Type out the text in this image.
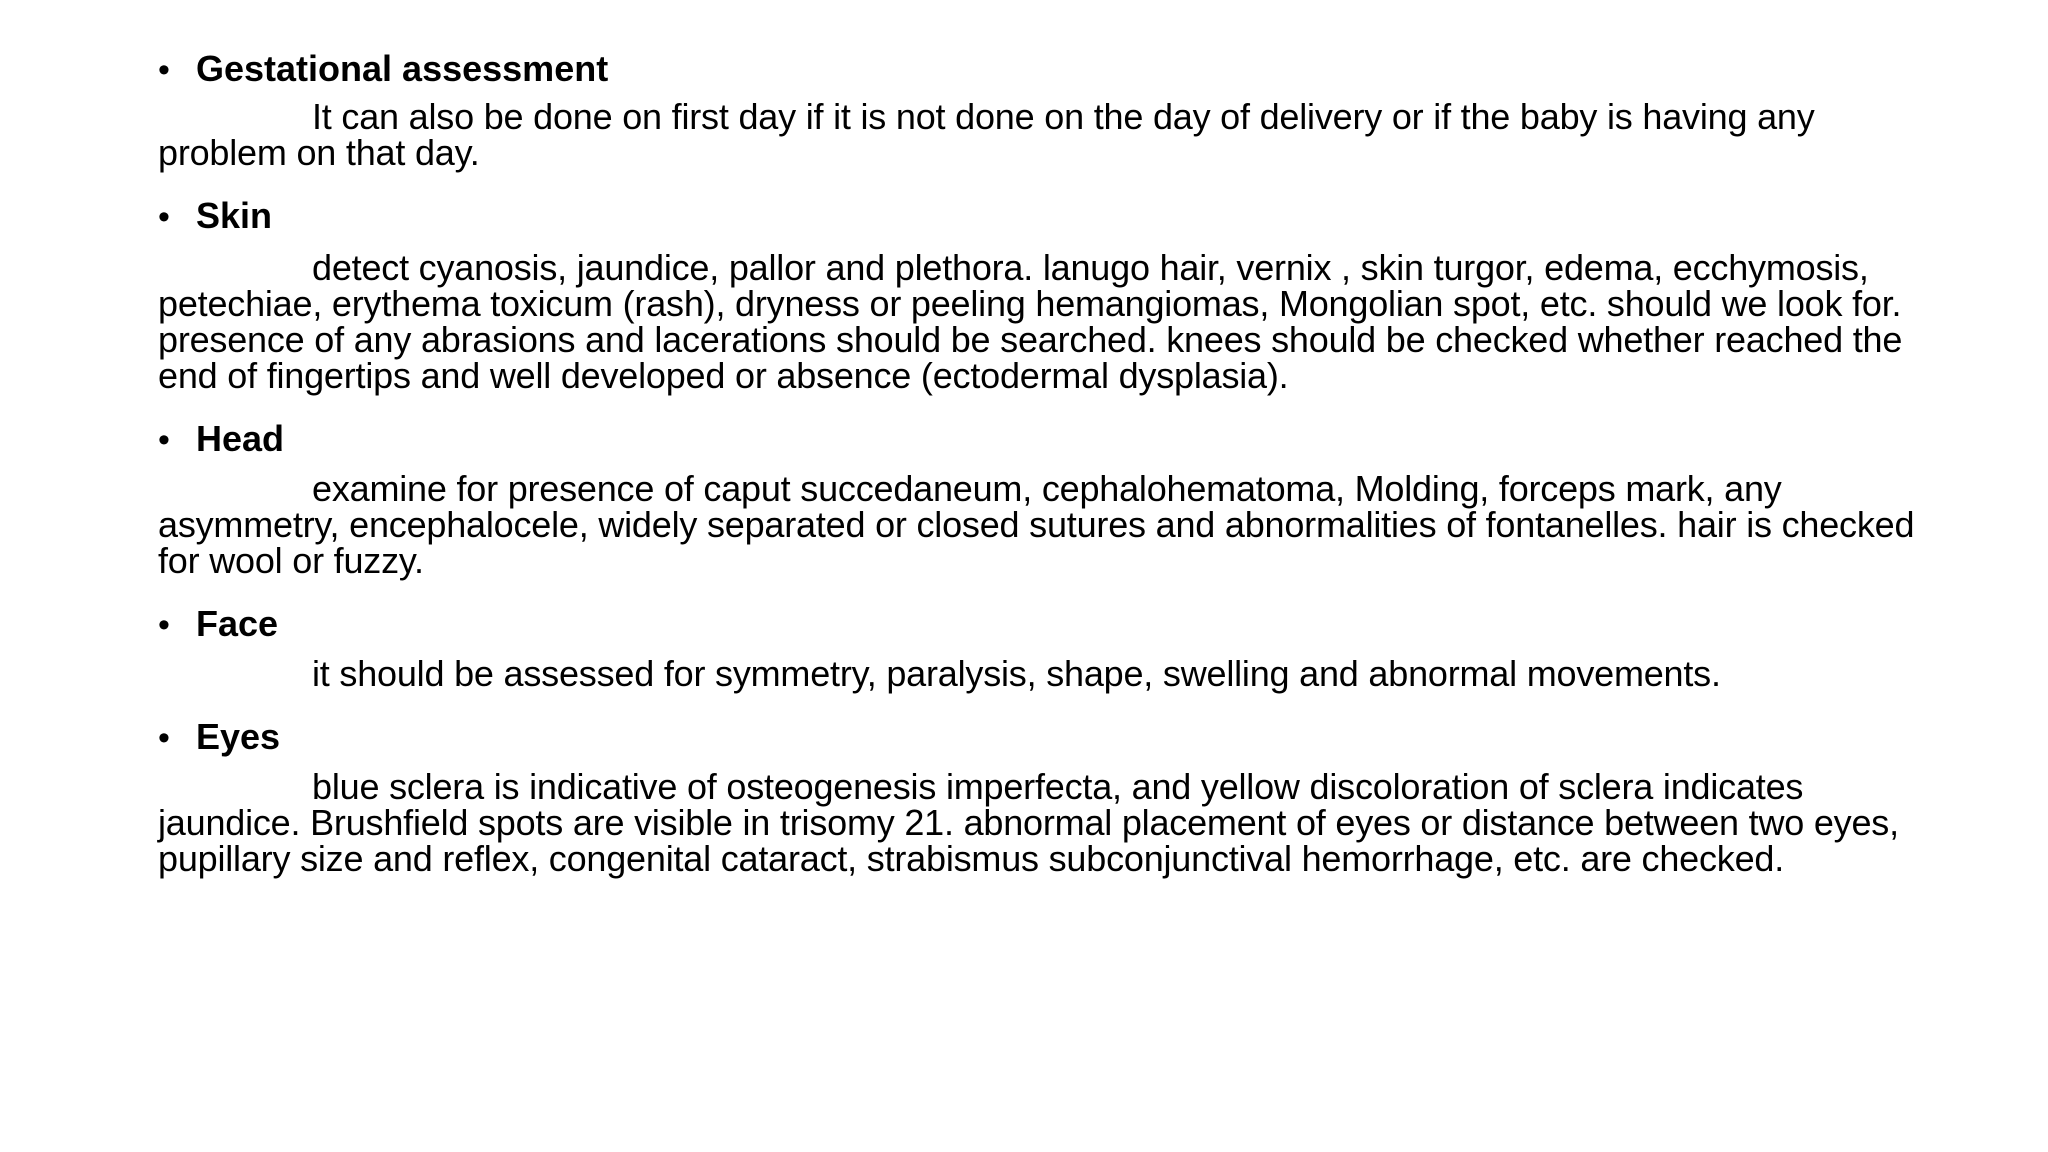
• Gestational assessment

It can also be done on first day if it is not done on the day of delivery or if the baby is having any problem on that day.

• Skin

detect cyanosis, jaundice, pallor and plethora. lanugo hair, vernix , skin turgor, edema, ecchymosis, petechiae, erythema toxicum (rash), dryness or peeling hemangiomas, Mongolian spot, etc. should we look for. presence of any abrasions and lacerations should be searched. knees should be checked whether reached the end of fingertips and well developed or absence (ectodermal dysplasia).

• Head

examine for presence of caput succedaneum, cephalohematoma, Molding, forceps mark, any asymmetry, encephalocele, widely separated or closed sutures and abnormalities of fontanelles. hair is checked for wool or fuzzy.

• Face

it should be assessed for symmetry, paralysis, shape, swelling and abnormal movements.

• Eyes

blue sclera is indicative of osteogenesis imperfecta, and yellow discoloration of sclera indicates jaundice. Brushfield spots are visible in trisomy 21. abnormal placement of eyes or distance between two eyes, pupillary size and reflex, congenital cataract, strabismus subconjunctival hemorrhage, etc. are checked.
